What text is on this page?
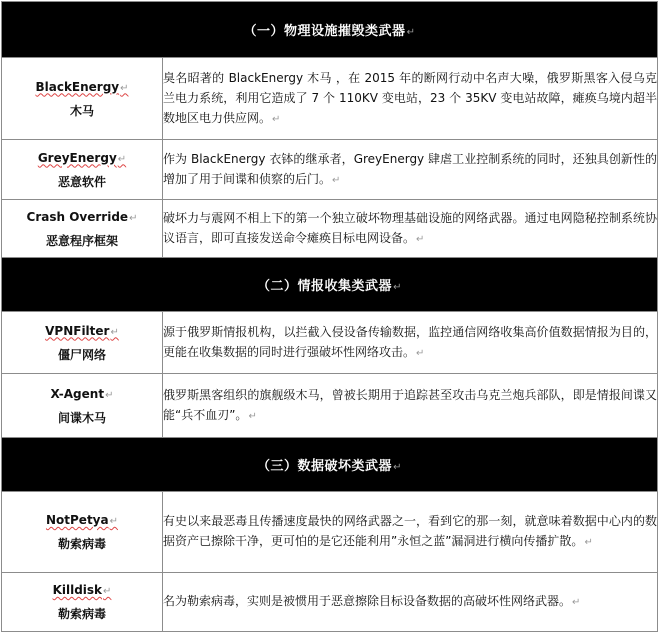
（一）物理设施摧毁类武器↵	

BlackEnergy↵
木马	臭名昭著的 BlackEnergy 木马 ，在 2015 年的断网行动中名声大噪，俄罗斯黑客入侵乌克兰电力系统，利用它造成了 7 个 110KV 变电站，23 个 35KV 变电站故障，瘫痪乌境内超半数地区电力供应网。↵

GreyEnergy↵
恶意软件	作为 BlackEnergy 衣钵的继承者，GreyEnergy 肆虐工业控制系统的同时，还独具创新性的增加了用于间谍和侦察的后门。↵

Crash Override↵
恶意程序框架	破坏力与震网不相上下的第一个独立破坏物理基础设施的网络武器。通过电网隐秘控制系统协议语言，即可直接发送命令瘫痪目标电网设备。↵
（二）情报收集类武器↵	

VPNFilter↵
僵尸网络	源于俄罗斯情报机构，以拦截入侵设备传输数据，监控通信网络收集高价值数据情报为目的，更能在收集数据的同时进行强破坏性网络攻击。↵

X-Agent↵
间谍木马	俄罗斯黑客组织的旗舰级木马，曾被长期用于追踪甚至攻击乌克兰炮兵部队，即是情报间谍又能“兵不血刃”。↵
（三）数据破坏类武器↵	

NotPetya↵
勒索病毒	有史以来最恶毒且传播速度最快的网络武器之一，看到它的那一刻，就意味着数据中心内的数据资产已擦除干净，更可怕的是它还能利用”永恒之蓝”漏洞进行横向传播扩散。↵

Killdisk↵
勒索病毒	名为勒索病毒，实则是被惯用于恶意擦除目标设备数据的高破坏性网络武器。↵
